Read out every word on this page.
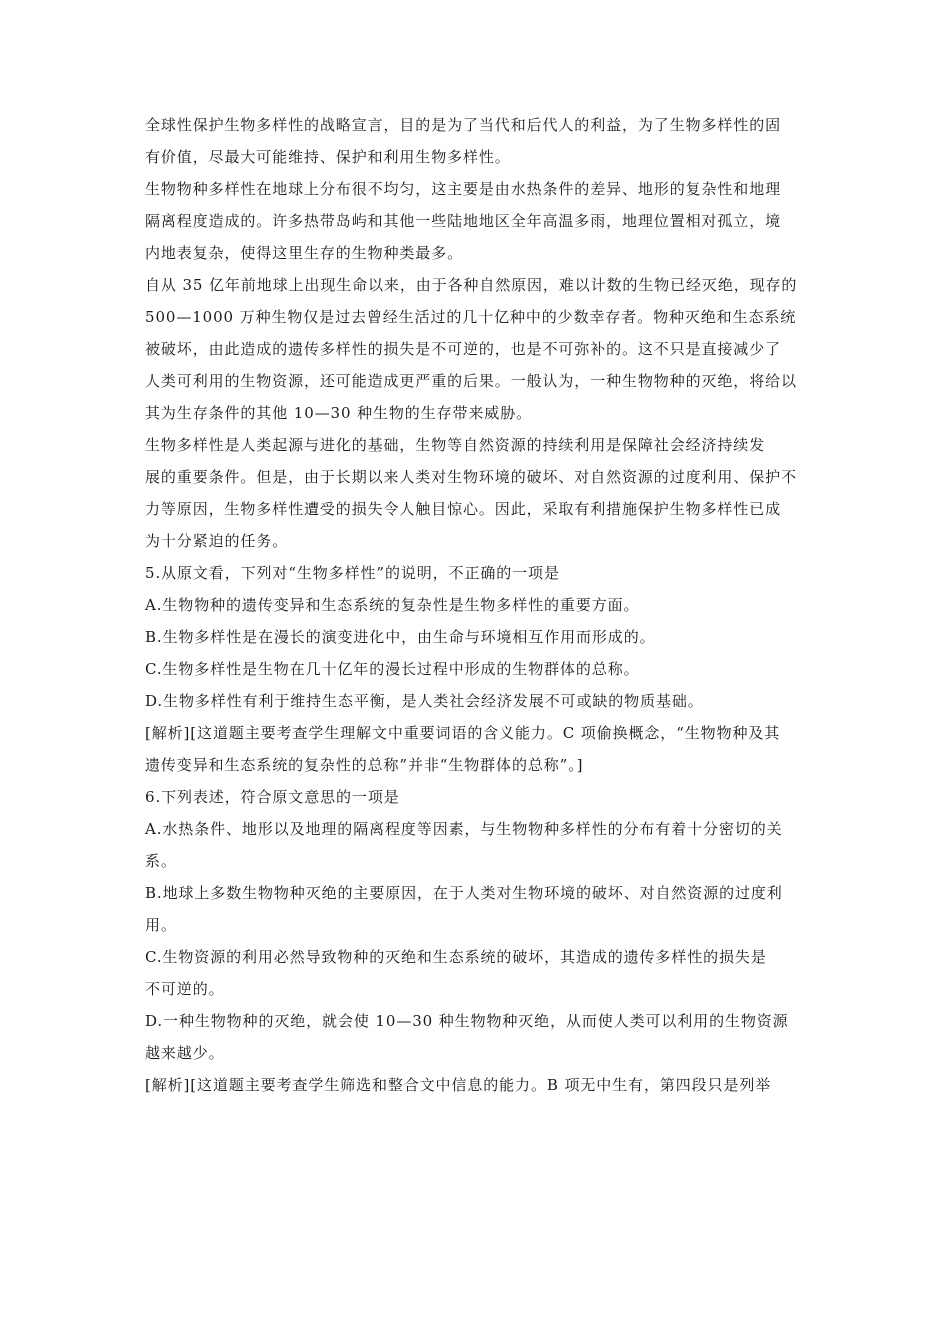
全球性保护生物多样性的战略宣言，目的是为了当代和后代人的利益，为了生物多样性的固
有价值，尽最大可能维持、保护和利用生物多样性。
生物物种多样性在地球上分布很不均匀，这主要是由水热条件的差异、地形的复杂性和地理
隔离程度造成的。许多热带岛屿和其他一些陆地地区全年高温多雨，地理位置相对孤立，境
内地表复杂，使得这里生存的生物种类最多。
自从 35 亿年前地球上出现生命以来，由于各种自然原因，难以计数的生物已经灭绝，现存的
500—1000 万种生物仅是过去曾经生活过的几十亿种中的少数幸存者。物种灭绝和生态系统
被破坏，由此造成的遗传多样性的损失是不可逆的，也是不可弥补的。这不只是直接减少了
人类可利用的生物资源，还可能造成更严重的后果。一般认为，一种生物物种的灭绝，将给以
其为生存条件的其他 10—30 种生物的生存带来威胁。
生物多样性是人类起源与进化的基础，生物等自然资源的持续利用是保障社会经济持续发
展的重要条件。但是，由于长期以来人类对生物环境的破坏、对自然资源的过度利用、保护不
力等原因，生物多样性遭受的损失令人触目惊心。因此，采取有利措施保护生物多样性已成
为十分紧迫的任务。
5.从原文看，下列对“生物多样性”的说明，不正确的一项是
A.生物物种的遗传变异和生态系统的复杂性是生物多样性的重要方面。
B.生物多样性是在漫长的演变进化中，由生命与环境相互作用而形成的。
C.生物多样性是生物在几十亿年的漫长过程中形成的生物群体的总称。
D.生物多样性有利于维持生态平衡，是人类社会经济发展不可或缺的物质基础。
[解析][这道题主要考查学生理解文中重要词语的含义能力。C 项偷换概念，“生物物种及其
遗传变异和生态系统的复杂性的总称”并非“生物群体的总称”。]
6.下列表述，符合原文意思的一项是
A.水热条件、地形以及地理的隔离程度等因素，与生物物种多样性的分布有着十分密切的关
系。
B.地球上多数生物物种灭绝的主要原因，在于人类对生物环境的破坏、对自然资源的过度利
用。
C.生物资源的利用必然导致物种的灭绝和生态系统的破坏，其造成的遗传多样性的损失是
不可逆的。
D.一种生物物种的灭绝，就会使 10—30 种生物物种灭绝，从而使人类可以利用的生物资源
越来越少。
[解析][这道题主要考查学生筛选和整合文中信息的能力。B 项无中生有，第四段只是列举
